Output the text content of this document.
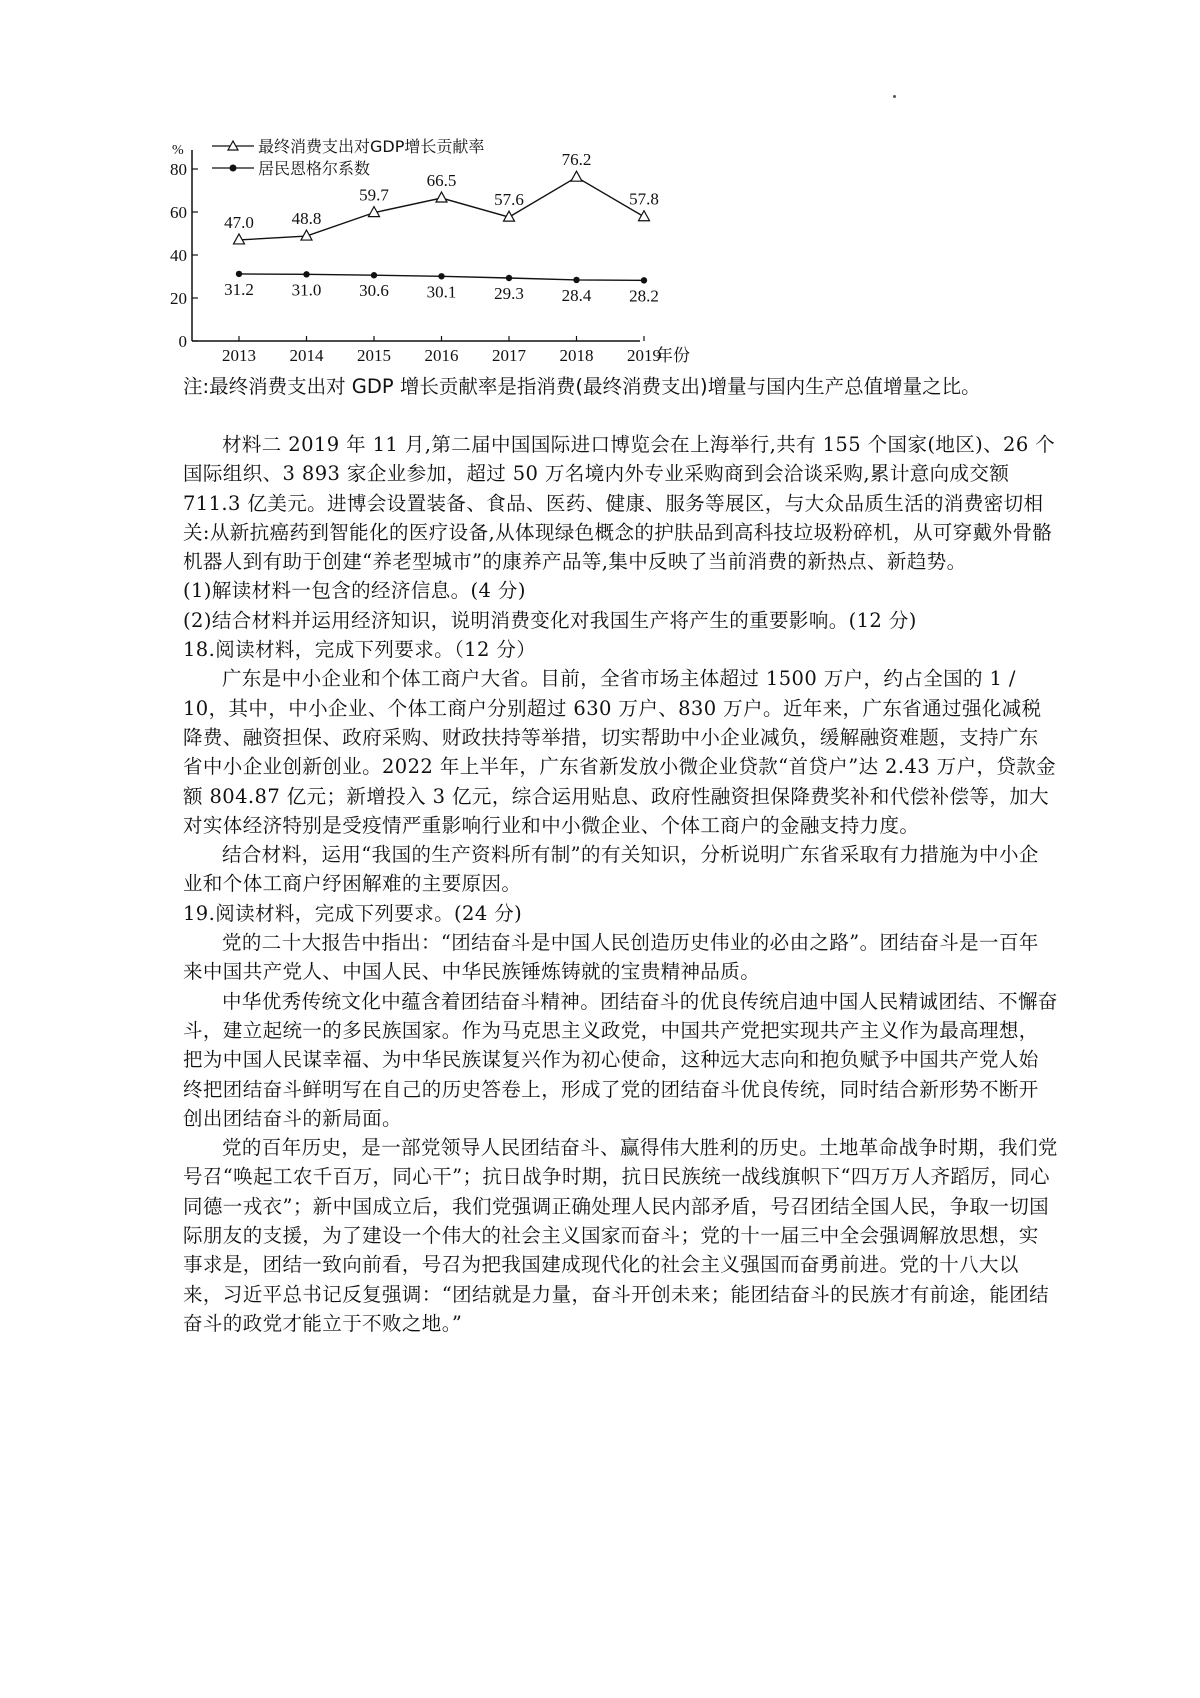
%
0
20
40
60
80
2013 2014 2015 2016 2017 2018 2019
年份
最终消费支出对GDP增长贡献率
居民恩格尔系数
47.0 48.8
59.7
66.5
57.6
76.2
57.8
31.2 31.0 30.6 30.1 29.3 28.4 28.2
注:最终消费支出对 GDP 增长贡献率是指消费(最终消费支出)增量与国内生产总值增量之比。

材料二 2019 年 11 月,第二届中国国际进口博览会在上海举行,共有 155 个国家(地区)、26 个国际组织、3 893 家企业参加，超过 50 万名境内外专业采购商到会洽谈采购,累计意向成交额 711.3 亿美元。进博会设置装备、食品、医药、健康、服务等展区，与大众品质生活的消费密切相关:从新抗癌药到智能化的医疗设备,从体现绿色概念的护肤品到高科技垃圾粉碎机，从可穿戴外骨骼机器人到有助于创建“养老型城市”的康养产品等,集中反映了当前消费的新热点、新趋势。

(1)解读材料一包含的经济信息。(4 分)

(2)结合材料并运用经济知识，说明消费变化对我国生产将产生的重要影响。(12 分)

18.阅读材料，完成下列要求。（12 分）

广东是中小企业和个体工商户大省。目前，全省市场主体超过 1500 万户，约占全国的 1 / 10，其中，中小企业、个体工商户分别超过 630 万户、830 万户。近年来，广东省通过强化减税降费、融资担保、政府采购、财政扶持等举措，切实帮助中小企业减负，缓解融资难题，支持广东省中小企业创新创业。2022 年上半年，广东省新发放小微企业贷款“首贷户”达 2.43 万户，贷款金额 804.87 亿元；新增投入 3 亿元，综合运用贴息、政府性融资担保降费奖补和代偿补偿等，加大对实体经济特别是受疫情严重影响行业和中小微企业、个体工商户的金融支持力度。

结合材料，运用“我国的生产资料所有制”的有关知识，分析说明广东省采取有力措施为中小企业和个体工商户纾困解难的主要原因。

19.阅读材料，完成下列要求。(24 分)

党的二十大报告中指出：“团结奋斗是中国人民创造历史伟业的必由之路”。团结奋斗是一百年来中国共产党人、中国人民、中华民族锤炼铸就的宝贵精神品质。

中华优秀传统文化中蕴含着团结奋斗精神。团结奋斗的优良传统启迪中国人民精诚团结、不懈奋斗，建立起统一的多民族国家。作为马克思主义政党，中国共产党把实现共产主义作为最高理想，把为中国人民谋幸福、为中华民族谋复兴作为初心使命，这种远大志向和抱负赋予中国共产党人始终把团结奋斗鲜明写在自己的历史答卷上，形成了党的团结奋斗优良传统，同时结合新形势不断开创出团结奋斗的新局面。

党的百年历史，是一部党领导人民团结奋斗、赢得伟大胜利的历史。土地革命战争时期，我们党号召“唤起工农千百万，同心干”；抗日战争时期，抗日民族统一战线旗帜下“四万万人齐蹈厉，同心同德一戎衣”；新中国成立后，我们党强调正确处理人民内部矛盾，号召团结全国人民，争取一切国际朋友的支援，为了建设一个伟大的社会主义国家而奋斗；党的十一届三中全会强调解放思想，实事求是，团结一致向前看，号召为把我国建成现代化的社会主义强国而奋勇前进。党的十八大以来，习近平总书记反复强调：“团结就是力量，奋斗开创未来；能团结奋斗的民族才有前途，能团结奋斗的政党才能立于不败之地。”
